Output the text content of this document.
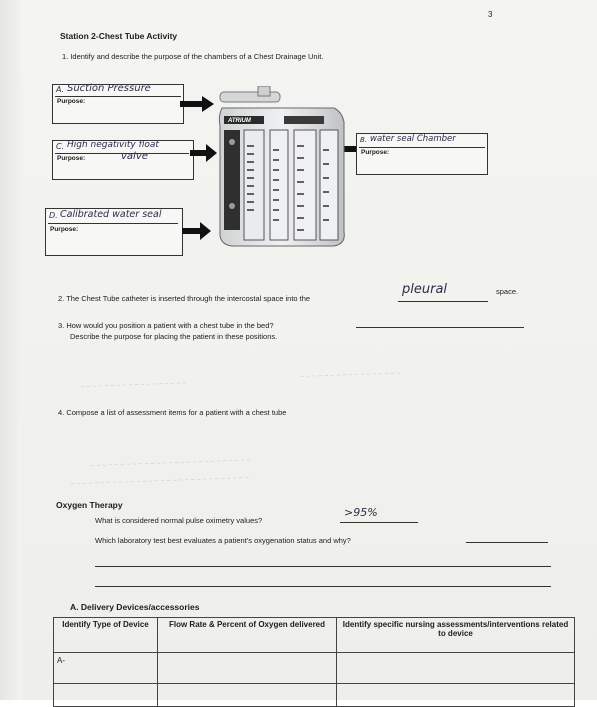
3
Station 2-Chest Tube Activity
1. Identify and describe the purpose of the chambers of a Chest Drainage Unit.
A. Suction Pressure
Purpose:
C. High negativity float
Purpose:	valve
D. Calibrated water seal
Purpose:
B. water seal Chamber
Purpose:
ATRIUM
~ ~ ~ ~ ~ ~ ~ ~ ~ ~ ~ ~ ~ ~ ~ ~ ~ ~
~ ~ ~ ~ ~ ~ ~ ~ ~ ~ ~ ~ ~ ~ ~ ~ ~
~ ~ ~ ~ ~ ~ ~ ~ ~ ~ ~ ~ ~ ~ ~ ~ ~ ~ ~ ~ ~ ~ ~ ~ ~ ~ ~
~ ~ ~ ~ ~ ~ ~ ~ ~ ~ ~ ~ ~ ~ ~ ~ ~ ~ ~ ~ ~ ~ ~ ~ ~ ~ ~ ~ ~ ~
2. The Chest Tube catheter is inserted through the intercostal space into the
pleural	space.
3. How would you position a patient with a chest tube in the bed?
Describe the purpose for placing the patient in these positions.
4. Compose a list of assessment items for a patient with a chest tube
Oxygen Therapy
What is considered normal pulse oximetry values?
>95%
Which laboratory test best evaluates a patient’s oxygenation status and why?
A. Delivery Devices/accessories
Identify Type of Device	Flow Rate & Percent of Oxygen delivered	Identify specific nursing assessments/interventions related to device
A-		
